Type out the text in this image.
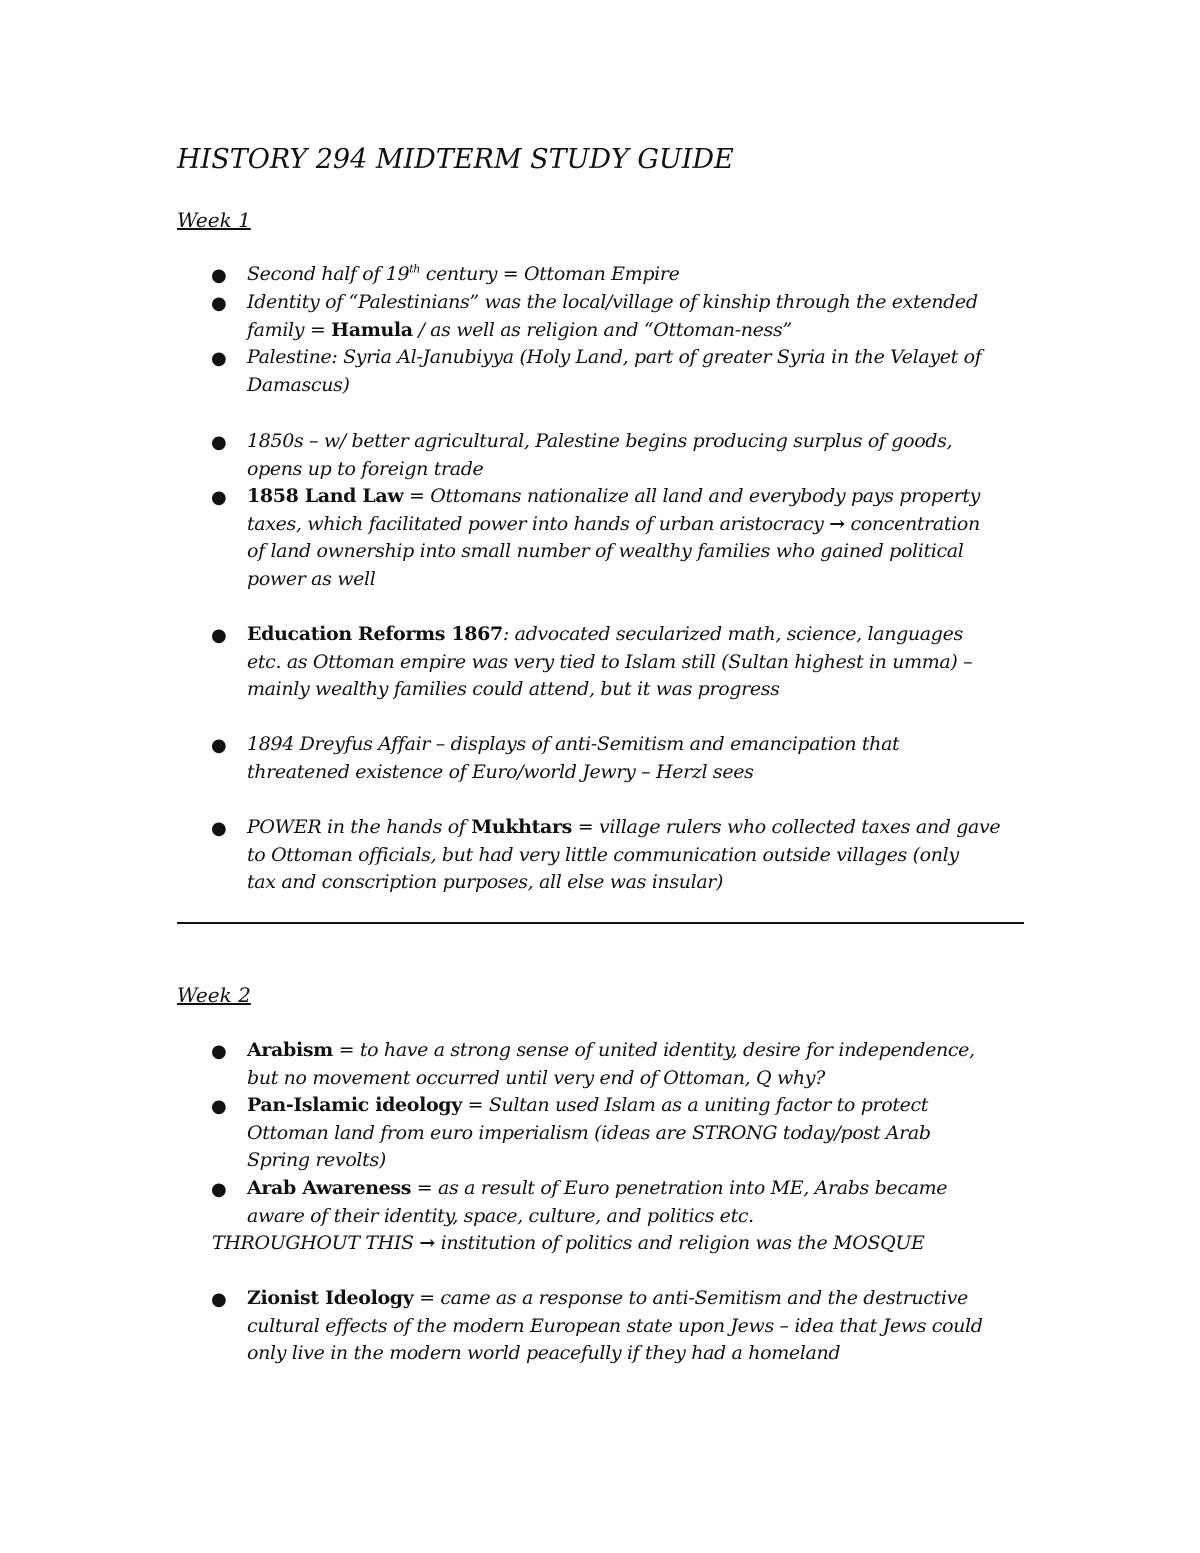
HISTORY 294 MIDTERM STUDY GUIDE
Week 1
● Second half of 19th century = Ottoman Empire
● Identity of “Palestinians” was the local/village of kinship through the extended
family = Hamula / as well as religion and “Ottoman-ness”
● Palestine: Syria Al-Janubiyya (Holy Land, part of greater Syria in the Velayet of
Damascus)
● 1850s – w/ better agricultural, Palestine begins producing surplus of goods,
opens up to foreign trade
● 1858 Land Law = Ottomans nationalize all land and everybody pays property
taxes, which facilitated power into hands of urban aristocracy → concentration
of land ownership into small number of wealthy families who gained political
power as well
● Education Reforms 1867: advocated secularized math, science, languages
etc. as Ottoman empire was very tied to Islam still (Sultan highest in umma) –
mainly wealthy families could attend, but it was progress
● 1894 Dreyfus Affair – displays of anti-Semitism and emancipation that
threatened existence of Euro/world Jewry – Herzl sees
● POWER in the hands of Mukhtars = village rulers who collected taxes and gave
to Ottoman officials, but had very little communication outside villages (only
tax and conscription purposes, all else was insular)
Week 2
● Arabism = to have a strong sense of united identity, desire for independence,
but no movement occurred until very end of Ottoman, Q why?
● Pan-Islamic ideology = Sultan used Islam as a uniting factor to protect
Ottoman land from euro imperialism (ideas are STRONG today/post Arab
Spring revolts)
● Arab Awareness = as a result of Euro penetration into ME, Arabs became
aware of their identity, space, culture, and politics etc.
THROUGHOUT THIS → institution of politics and religion was the MOSQUE
● Zionist Ideology = came as a response to anti-Semitism and the destructive
cultural effects of the modern European state upon Jews – idea that Jews could
only live in the modern world peacefully if they had a homeland
